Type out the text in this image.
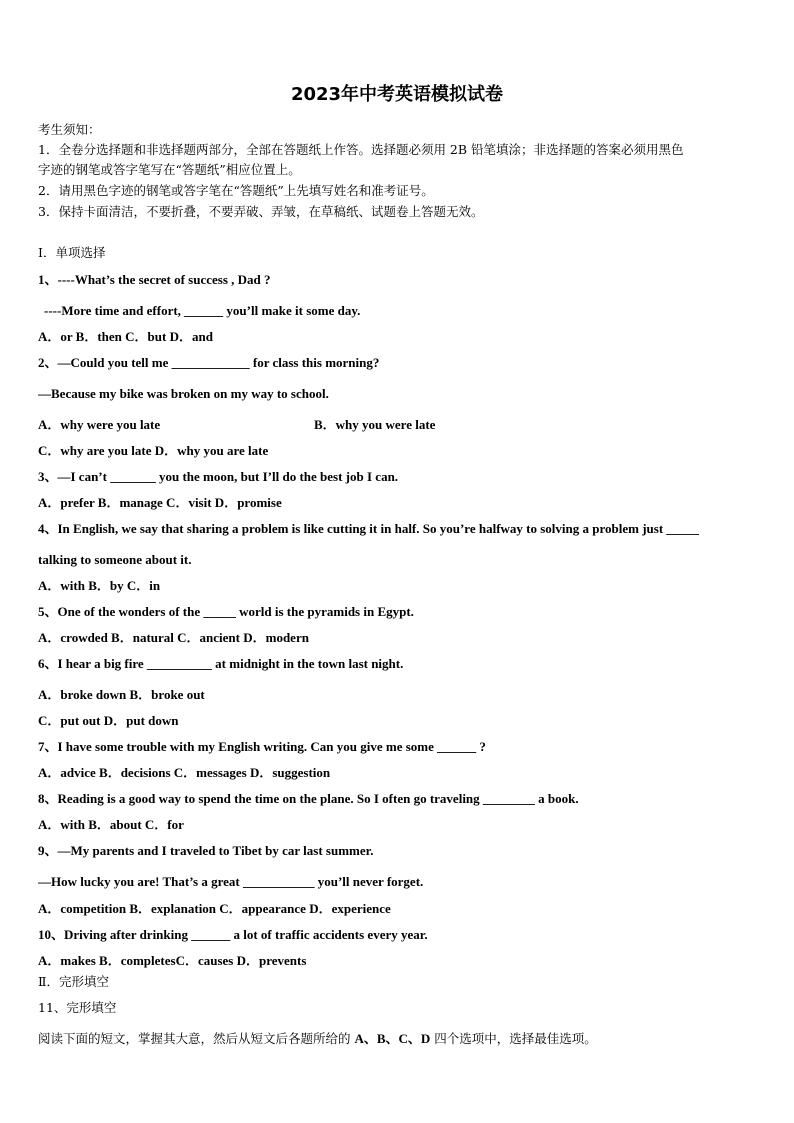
2023年中考英语模拟试卷
考生须知：
1．全卷分选择题和非选择题两部分，全部在答题纸上作答。选择题必须用 2B 铅笔填涂；非选择题的答案必须用黑色
字迹的钢笔或答字笔写在“答题纸”相应位置上。
2．请用黑色字迹的钢笔或答字笔在“答题纸”上先填写姓名和准考证号。
3．保持卡面清洁，不要折叠，不要弄破、弄皱，在草稿纸、试题卷上答题无效。
Ⅰ．单项选择
1、----What’s the secret of success , Dad ?
----More time and effort, ______ you’ll make it some day.
A．or B．then C．but D．and
2、—Could you tell me ____________ for class this morning?
—Because my bike was broken on my way to school.
A．why were you late	B．why you were late
C．why are you late D．why you are late
3、—I can’t _______ you the moon, but I’ll do the best job I can.
A．prefer B．manage C．visit D．promise
4、In English, we say that sharing a problem is like cutting it in half. So you’re halfway to solving a problem just _____
talking to someone about it.
A．with B．by C．in
5、One of the wonders of the _____ world is the pyramids in Egypt.
A．crowded B．natural C．ancient D．modern
6、I hear a big fire __________ at midnight in the town last night.
A．broke down B．broke out
C．put out D．put down
7、I have some trouble with my English writing. Can you give me some ______ ?
A．advice B．decisions C．messages D．suggestion
8、Reading is a good way to spend the time on the plane. So I often go traveling ________ a book.
A．with B．about C．for
9、—My parents and I traveled to Tibet by car last summer.
—How lucky you are! That’s a great ___________ you’ll never forget.
A．competition B．explanation C．appearance D．experience
10、Driving after drinking ______ a lot of traffic accidents every year.
A．makes B．completesC．causes D．prevents
Ⅱ．完形填空
11、完形填空
阅读下面的短文，掌握其大意，然后从短文后各题所给的 A、B、C、D 四个选项中，选择最佳选项。
